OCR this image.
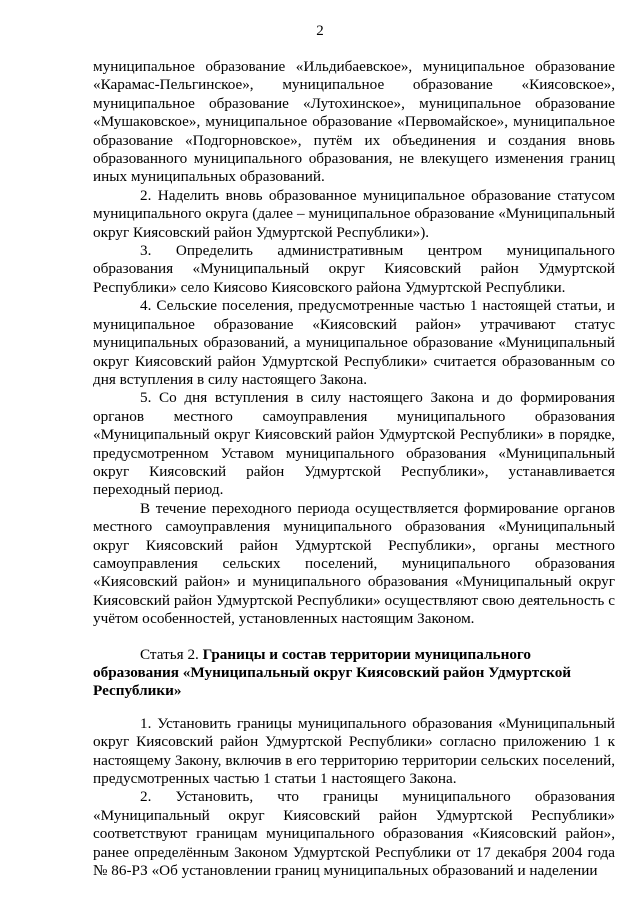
2

муниципальное образование «Ильдибаевское», муниципальное образование «Карамас-Пельгинское», муниципальное образование «Киясовское», муниципальное образование «Лутохинское», муниципальное образование «Мушаковское», муниципальное образование «Первомайское», муниципальное образование «Подгорновское», путём их объединения и создания вновь образованного муниципального образования, не влекущего изменения границ иных муниципальных образований.

2. Наделить вновь образованное муниципальное образование статусом муниципального округа (далее – муниципальное образование «Муниципальный округ Киясовский район Удмуртской Республики»).

3. Определить административным центром муниципального образования «Муниципальный округ Киясовский район Удмуртской Республики» село Киясово Киясовского района Удмуртской Республики.

4. Сельские поселения, предусмотренные частью 1 настоящей статьи, и муниципальное образование «Киясовский район» утрачивают статус муниципальных образований, а муниципальное образование «Муниципальный округ Киясовский район Удмуртской Республики» считается образованным со дня вступления в силу настоящего Закона.

5. Со дня вступления в силу настоящего Закона и до формирования органов местного самоуправления муниципального образования «Муниципальный округ Киясовский район Удмуртской Республики» в порядке, предусмотренном Уставом муниципального образования «Муниципальный округ Киясовский район Удмуртской Республики», устанавливается переходный период.

В течение переходного периода осуществляется формирование органов местного самоуправления муниципального образования «Муниципальный округ Киясовский район Удмуртской Республики», органы местного самоуправления сельских поселений, муниципального образования «Киясовский район» и муниципального образования «Муниципальный округ Киясовский район Удмуртской Республики» осуществляют свою деятельность с учётом особенностей, установленных настоящим Законом.

Статья 2. Границы и состав территории муниципального образования «Муниципальный округ Киясовский район Удмуртской Республики»

1. Установить границы муниципального образования «Муниципальный округ Киясовский район Удмуртской Республики» согласно приложению 1 к настоящему Закону, включив в его территорию территории сельских поселений, предусмотренных частью 1 статьи 1 настоящего Закона.

2. Установить, что границы муниципального образования «Муниципальный округ Киясовский район Удмуртской Республики» соответствуют границам муниципального образования «Киясовский район», ранее определённым Законом Удмуртской Республики от 17 декабря 2004 года № 86-РЗ «Об установлении границ муниципальных образований и наделении
